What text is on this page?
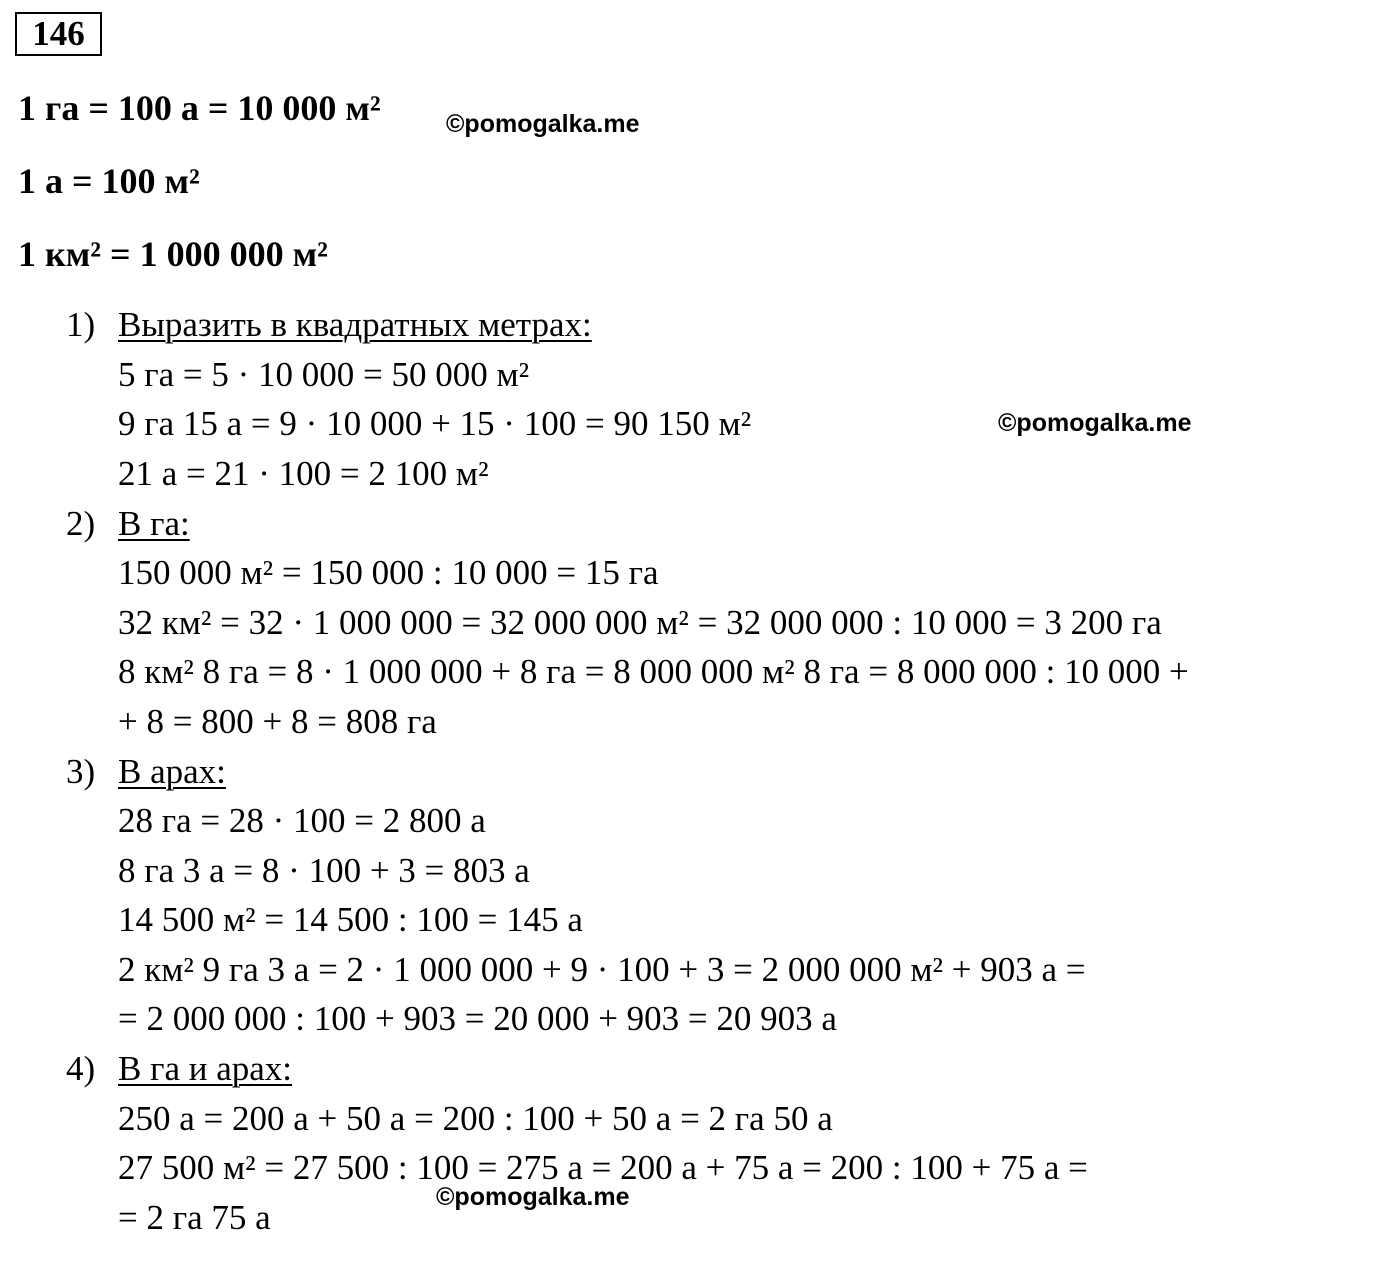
146
1 га = 100 а = 10 000 м²
1 а = 100 м²
1 км² = 1 000 000 м²
©pomogalka.me
©pomogalka.me
©pomogalka.me
1) Выразить в квадратных метрах:
5 га = 5 · 10 000 = 50 000 м²
9 га 15 а = 9 · 10 000 + 15 · 100 = 90 150 м²
21 а = 21 · 100 = 2 100 м²
2) В га:
150 000 м² = 150 000 : 10 000 = 15 га
32 км² = 32 · 1 000 000 = 32 000 000 м² = 32 000 000 : 10 000 = 3 200 га
8 км² 8 га = 8 · 1 000 000 + 8 га = 8 000 000 м² 8 га = 8 000 000 : 10 000 +
+ 8 = 800 + 8 = 808 га
3) В арах:
28 га = 28 · 100 = 2 800 а
8 га 3 а = 8 · 100 + 3 = 803 а
14 500 м² = 14 500 : 100 = 145 а
2 км² 9 га 3 а = 2 · 1 000 000 + 9 · 100 + 3 = 2 000 000 м² + 903 а =
= 2 000 000 : 100 + 903 = 20 000 + 903 = 20 903 а
4) В га и арах:
250 а = 200 а + 50 а = 200 : 100 + 50 а = 2 га 50 а
27 500 м² = 27 500 : 100 = 275 а = 200 а + 75 а = 200 : 100 + 75 а =
= 2 га 75 а
